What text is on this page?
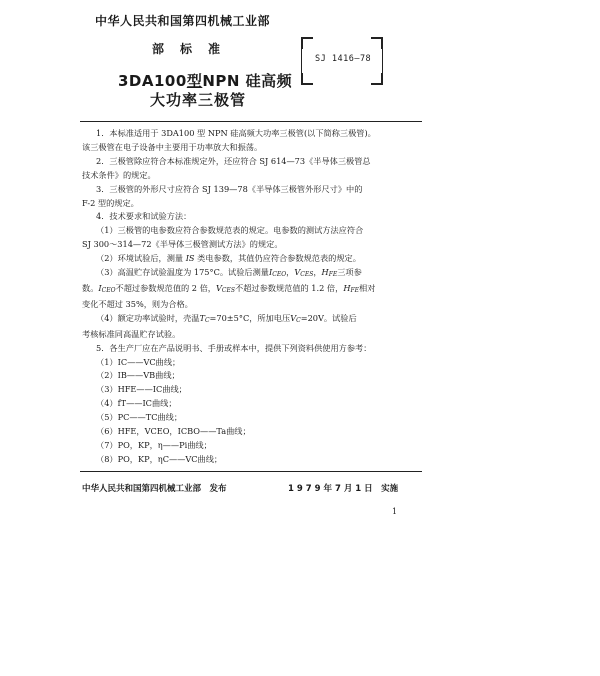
中华人民共和国第四机械工业部
部标准
SJ 1416—78
3DA100型NPN 硅高频
大功率三极管

1．本标准适用于 3DA100 型 NPN 硅高频大功率三极管(以下简称三极管)。

该三极管在电子设备中主要用于功率放大和振荡。

2．三极管除应符合本标准规定外，还应符合 SJ 614—73《半导体三极管总

技术条件》的规定。

3．三极管的外形尺寸应符合 SJ 139—78《半导体三极管外形尺寸》中的

F-2 型的规定。

4．技术要求和试验方法：

（1）三极管的电参数应符合参数规范表的规定。电参数的测试方法应符合

SJ 300～314—72《半导体三极管测试方法》的规定。

（2）环境试验后，测量 IS 类电参数，其值仍应符合参数规范表的规定。

（3）高温贮存试验温度为 175°C。试验后测量ICEO，VCES，HFE三项参

数。ICEO不超过参数规范值的 2 倍，VCES不超过参数规范值的 1.2 倍，HFE相对

变化不超过 35%，则为合格。

（4）额定功率试验时，壳温TC=70±5°C，所加电压VC=20V。试验后

考核标准同高温贮存试验。

5．各生产厂应在产品说明书、手册或样本中，提供下列资料供使用方参考：

（1）IC——VC曲线；

（2）IB——VB曲线；

（3）HFE——IC曲线；

（4）fT——IC曲线；

（5）PC——TC曲线；

（6）HFE，VCEO，ICBO——Ta曲线；

（7）PO，KP，η——Pi曲线；

（8）PO，KP，ηC——VC曲线；

中华人民共和国第四机械工业部　发布	1 9 7 9 年 7 月 1 日　实施
1
